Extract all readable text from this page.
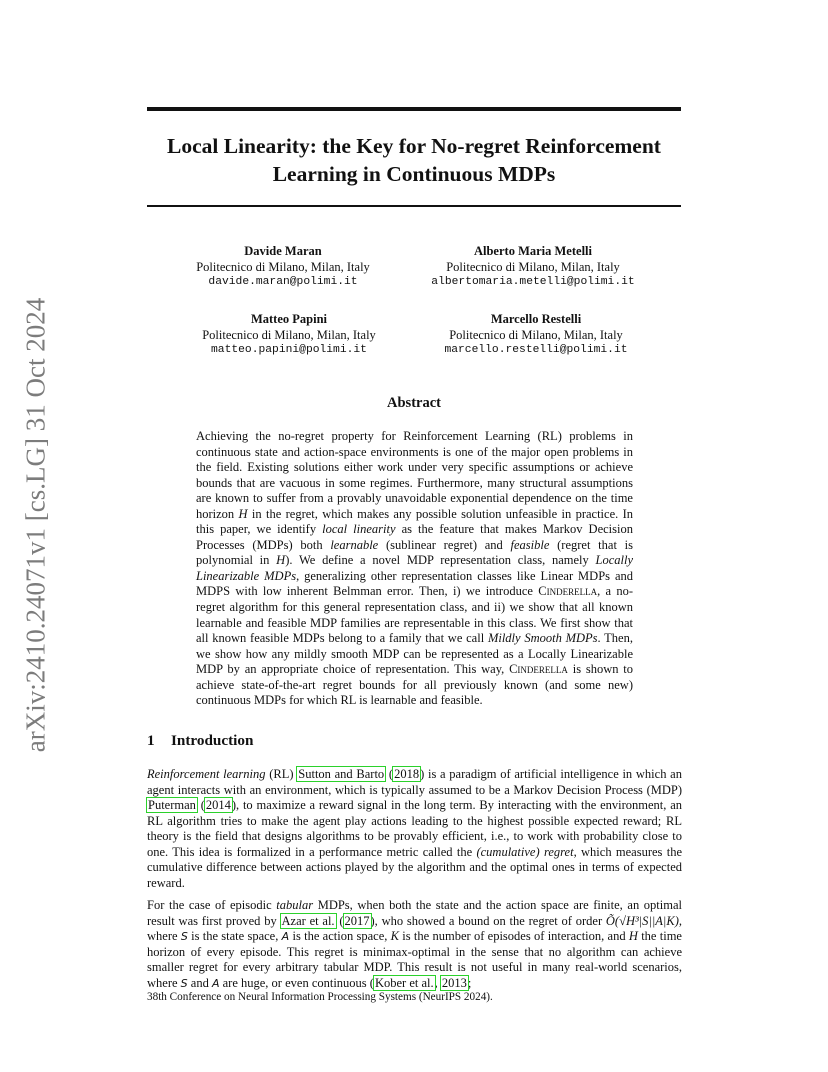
arXiv:2410.24071v1 [cs.LG] 31 Oct 2024
Local Linearity: the Key for No-regret Reinforcement
Learning in Continuous MDPs
Davide Maran
Politecnico di Milano, Milan, Italy
davide.maran@polimi.it
Alberto Maria Metelli
Politecnico di Milano, Milan, Italy
albertomaria.metelli@polimi.it
Matteo Papini
Politecnico di Milano, Milan, Italy
matteo.papini@polimi.it
Marcello Restelli
Politecnico di Milano, Milan, Italy
marcello.restelli@polimi.it
Abstract
Achieving the no-regret property for Reinforcement Learning (RL) problems in continuous state and action-space environments is one of the major open problems in the field. Existing solutions either work under very specific assumptions or achieve bounds that are vacuous in some regimes. Furthermore, many structural assumptions are known to suffer from a provably unavoidable exponential dependence on the time horizon H in the regret, which makes any possible solution unfeasible in practice. In this paper, we identify local linearity as the feature that makes Markov Decision Processes (MDPs) both learnable (sublinear regret) and feasible (regret that is polynomial in H). We define a novel MDP representation class, namely Locally Linearizable MDPs, generalizing other representation classes like Linear MDPs and MDPS with low inherent Belmman error. Then, i) we introduce Cinderella, a no-regret algorithm for this general representation class, and ii) we show that all known learnable and feasible MDP families are representable in this class. We first show that all known feasible MDPs belong to a family that we call Mildly Smooth MDPs. Then, we show how any mildly smooth MDP can be represented as a Locally Linearizable MDP by an appropriate choice of representation. This way, Cinderella is shown to achieve state-of-the-art regret bounds for all previously known (and some new) continuous MDPs for which RL is learnable and feasible.
1 Introduction
Reinforcement learning (RL) Sutton and Barto (2018) is a paradigm of artificial intelligence in which an agent interacts with an environment, which is typically assumed to be a Markov Decision Process (MDP) Puterman (2014), to maximize a reward signal in the long term. By interacting with the environment, an RL algorithm tries to make the agent play actions leading to the highest possible expected reward; RL theory is the field that designs algorithms to be provably efficient, i.e., to work with probability close to one. This idea is formalized in a performance metric called the (cumulative) regret, which measures the cumulative difference between actions played by the algorithm and the optimal ones in terms of expected reward.
For the case of episodic tabular MDPs, when both the state and the action space are finite, an optimal result was first proved by Azar et al. (2017), who showed a bound on the regret of order Õ(√H³|S||A|K), where S is the state space, A is the action space, K is the number of episodes of interaction, and H the time horizon of every episode. This regret is minimax-optimal in the sense that no algorithm can achieve smaller regret for every arbitrary tabular MDP. This result is not useful in many real-world scenarios, where S and A are huge, or even continuous (Kober et al., 2013;
38th Conference on Neural Information Processing Systems (NeurIPS 2024).
